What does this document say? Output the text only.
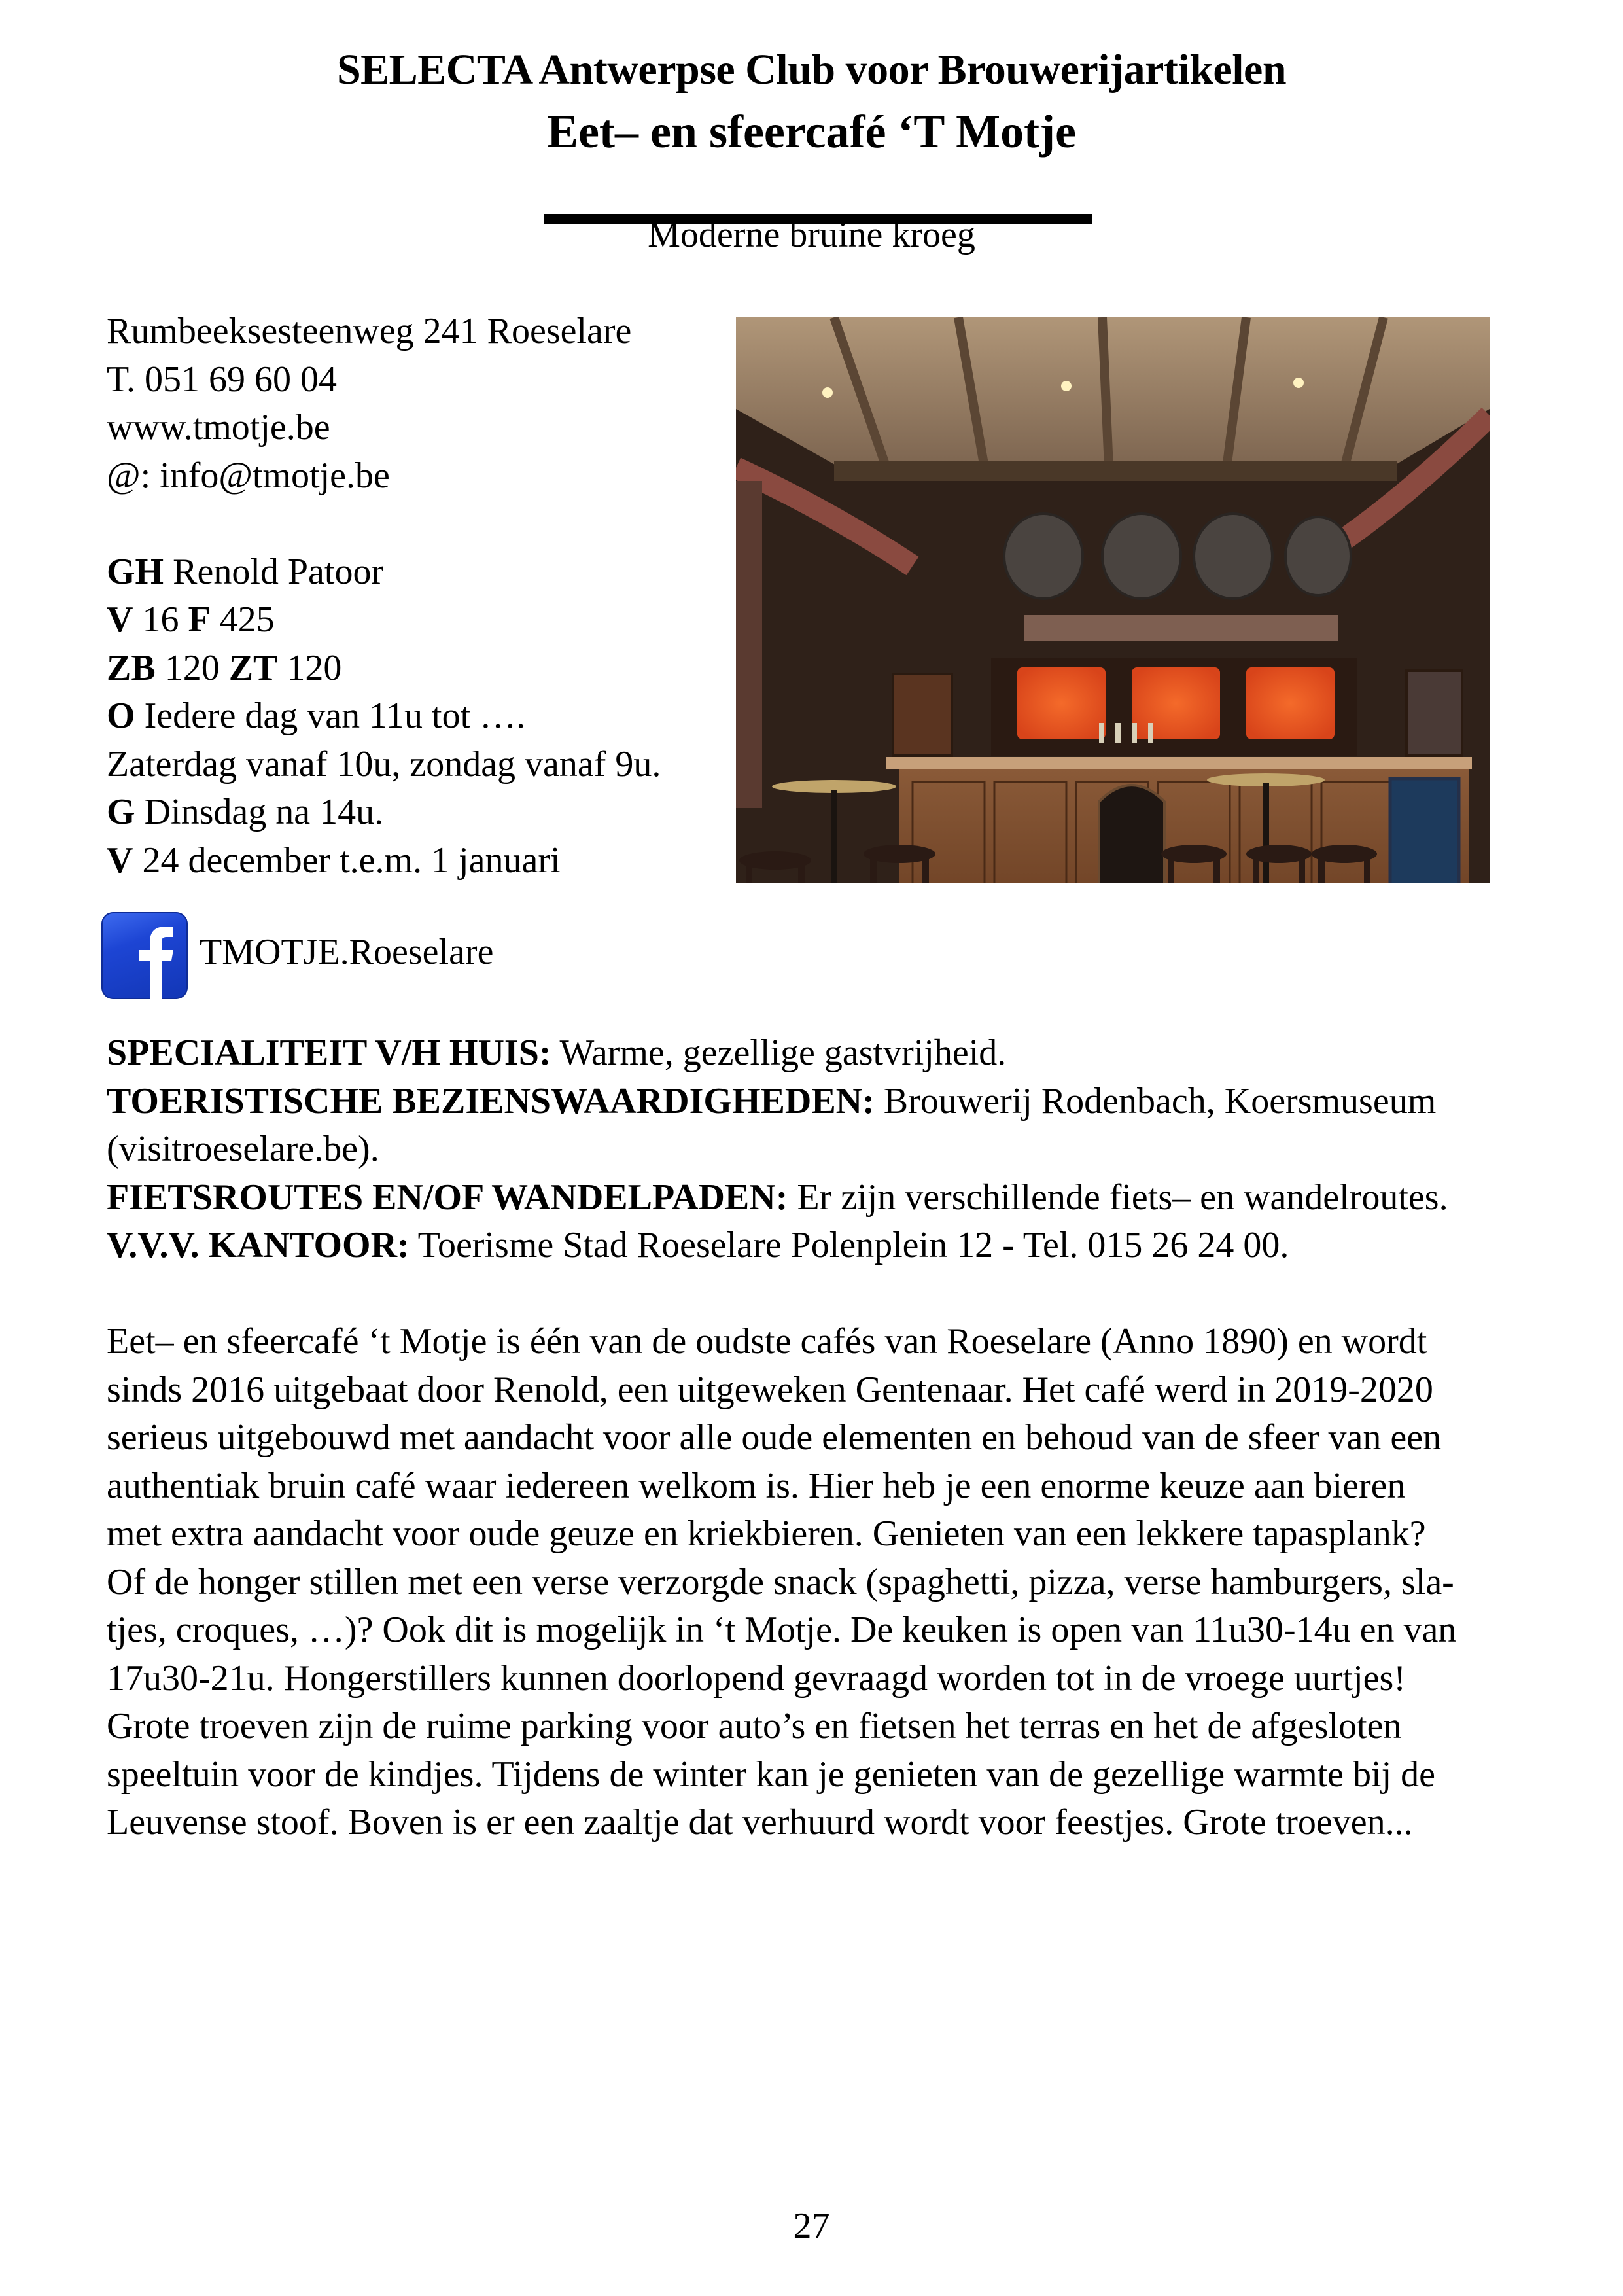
SELECTA Antwerpse Club voor Brouwerijartikelen
Eet– en sfeercafé ‘T Motje
Moderne bruine kroeg
Rumbeeksesteenweg 241 Roeselare
T. 051 69 60 04
www.tmotje.be
@: info@tmotje.be
GH Renold Patoor
V 16 F 425
ZB 120 ZT 120
O Iedere dag van 11u tot ….
Zaterdag vanaf 10u, zondag vanaf 9u.
G Dinsdag na 14u.
V 24 december t.e.m. 1 januari
TMOTJE.Roeselare
SPECIALITEIT V/H HUIS: Warme, gezellige gastvrijheid.
TOERISTISCHE BEZIENSWAARDIGHEDEN: Brouwerij Rodenbach, Koersmuseum
(visitroeselare.be).
FIETSROUTES EN/OF WANDELPADEN: Er zijn verschillende fiets– en wandelroutes.
V.V.V. KANTOOR: Toerisme Stad Roeselare Polenplein 12 - Tel. 015 26 24 00.
Eet– en sfeercafé ‘t Motje is één van de oudste cafés van Roeselare (Anno 1890) en wordt
sinds 2016 uitgebaat door Renold, een uitgeweken Gentenaar. Het café werd in 2019-2020
serieus uitgebouwd met aandacht voor alle oude elementen en behoud van de sfeer van een
authentiak bruin café waar iedereen welkom is. Hier heb je een enorme keuze aan bieren
met extra aandacht voor oude geuze en kriekbieren. Genieten van een lekkere tapasplank?
Of de honger stillen met een verse verzorgde snack (spaghetti, pizza, verse hamburgers, sla-
tjes, croques, …)? Ook dit is mogelijk in ‘t Motje. De keuken is open van 11u30-14u en van
17u30-21u. Hongerstillers kunnen doorlopend gevraagd worden tot in de vroege uurtjes!
Grote troeven zijn de ruime parking voor auto’s en fietsen het terras en het de afgesloten
speeltuin voor de kindjes. Tijdens de winter kan je genieten van de gezellige warmte bij de
Leuvense stoof. Boven is er een zaaltje dat verhuurd wordt voor feestjes. Grote troeven...
27
